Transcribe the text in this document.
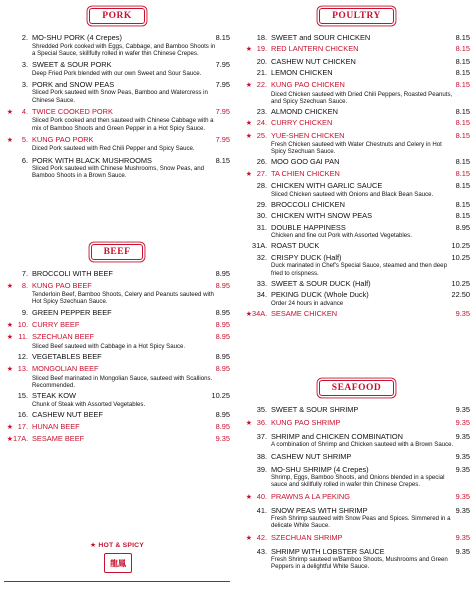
PORK
2. MO-SHU PORK (4 Crepes)	8.15
Shredded Pork cooked with Eggs, Cabbage, and Bamboo Shoots in a Special Sauce, skillfully rolled in wafer thin Chinese Crepes.
3. SWEET & SOUR PORK	7.95
Deep Fried Pork blended with our own Sweet and Sour Sauce.
3. PORK and SNOW PEAS	7.95
Sliced Pork sauteed with Snow Peas, Bamboo and Watercress in Chinese Sauce.
★	4. TWICE COOKED PORK	7.95
Sliced Pork cooked and then sauteed with Chinese Cabbage with a mix of Bamboo Shoots and Green Pepper in a Hot Spicy Sauce.
★	5. KUNG PAO PORK	7.95
Diced Pork sauteed with Red Chili Pepper and Spicy Sauce.
6. PORK WITH BLACK MUSHROOMS	8.15
Sliced Pork sauteed with Chinese Mushrooms, Snow Peas, and Bamboo Shoots in a Brown Sauce.
BEEF
7. BROCCOLI WITH BEEF	8.95
★	8. KUNG PAO BEEF	8.95
Tenderloin Beef, Bamboo Shoots, Celery and Peanuts sauteed with Hot Spicy Szechuan Sauce.
9. GREEN PEPPER BEEF	8.95
★ 10. CURRY BEEF	8.95
★ 11. SZECHUAN BEEF	8.95
Sliced Beef sauteed with Cabbage in a Hot Spicy Sauce.
12. VEGETABLES BEEF	8.95
★ 13. MONGOLIAN BEEF	8.95
Sliced Beef marinated in Mongolian Sauce, sauteed with Scallions. Recommended.
15. STEAK KOW	10.25
Chunk of Steak with Assorted Vegetables.
16. CASHEW NUT BEEF	8.95
★ 17. HUNAN BEEF	8.95
★ 17A. SESAME BEEF	9.35
★ HOT & SPICY
龍鳳
POULTRY
18. SWEET and SOUR CHICKEN	8.15
★ 19. RED LANTERN CHICKEN	8.15
20. CASHEW NUT CHICKEN	8.15
21. LEMON CHICKEN	8.15
★ 22. KUNG PAO CHICKEN	8.15
Diced Chicken sauteed with Dried Chili Peppers, Roasted Peanuts, and Spicy Szechuan Sauce.
23. ALMOND CHICKEN	8.15
★ 24. CURRY CHICKEN	8.15
★ 25. YUE-SHEN CHICKEN	8.15
Fresh Chicken sauteed with Water Chestnuts and Celery in Hot Spicy Szechuan Sauce.
26. MOO GOO GAI PAN	8.15
★ 27. TA CHIEN CHICKEN	8.15
28. CHICKEN WITH GARLIC SAUCE	8.15
Sliced Chicken sauteed with Onions and Black Bean Sauce.
29. BROCCOLI CHICKEN	8.15
30. CHICKEN WITH SNOW PEAS	8.15
31. DOUBLE HAPPINESS	8.95
Chicken and fine cut Pork with Assorted Vegetables.
31A. ROAST DUCK	10.25
32. CRISPY DUCK (Half)	10.25
Duck marinated in Chef's Special Sauce, steamed and then deep fried to crispness.
33. SWEET & SOUR DUCK (Half)	10.25
34. PEKING DUCK (Whole Duck)	22.50
Order 24 hours in advance
★ 34A. SESAME CHICKEN	9.35
SEAFOOD
35. SWEET & SOUR SHRIMP	9.35
★ 36. KUNG PAO SHRIMP	9.35
37. SHRIMP and CHICKEN COMBINATION	9.35
A combination of Shrimp and Chicken sauteed with a Brown Sauce.
38. CASHEW NUT SHRIMP	9.35
39. MO-SHU SHRIMP (4 Crepes)	9.35
Shrimp, Eggs, Bamboo Shoots, and Onions blended in a special sauce and skillfully rolled in wafer thin Chinese Crepes.
★ 40. PRAWNS A LA PEKING	9.35
41. SNOW PEAS WITH SHRIMP	9.35
Fresh Shrimp sauteed with Snow Peas and Spices. Simmered in a delicate White Sauce.
★ 42. SZECHUAN SHRIMP	9.35
43. SHRIMP WITH LOBSTER SAUCE	9.35
Fresh Shrimp sauteed w/Bamboo Shoots, Mushrooms and Green Peppers in a delightful White Sauce.
